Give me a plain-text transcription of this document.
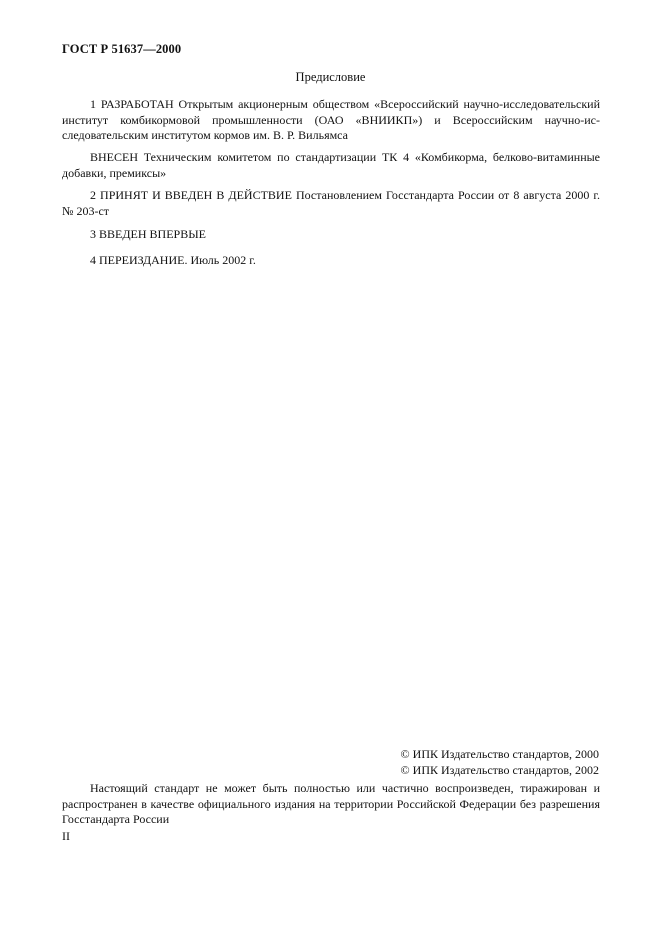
ГОСТ Р 51637—2000
Предисловие
1 РАЗРАБОТАН Открытым акционерным обществом «Всероссийский научно-исследовательский институт комбикормовой промышленности (ОАО «ВНИИКП») и Всероссийским научно-исследовательским институтом кормов им. В. Р. Вильямса
ВНЕСЕН Техническим комитетом по стандартизации ТК 4 «Комбикорма, белково-витаминные добавки, премиксы»
2 ПРИНЯТ И ВВЕДЕН В ДЕЙСТВИЕ Постановлением Госстандарта России от 8 августа 2000 г. № 203-ст
3 ВВЕДЕН ВПЕРВЫЕ
4 ПЕРЕИЗДАНИЕ. Июль 2002 г.
© ИПК Издательство стандартов, 2000
© ИПК Издательство стандартов, 2002
Настоящий стандарт не может быть полностью или частично воспроизведен, тиражирован и распространен в качестве официального издания на территории Российской Федерации без разрешения Госстандарта России
II
